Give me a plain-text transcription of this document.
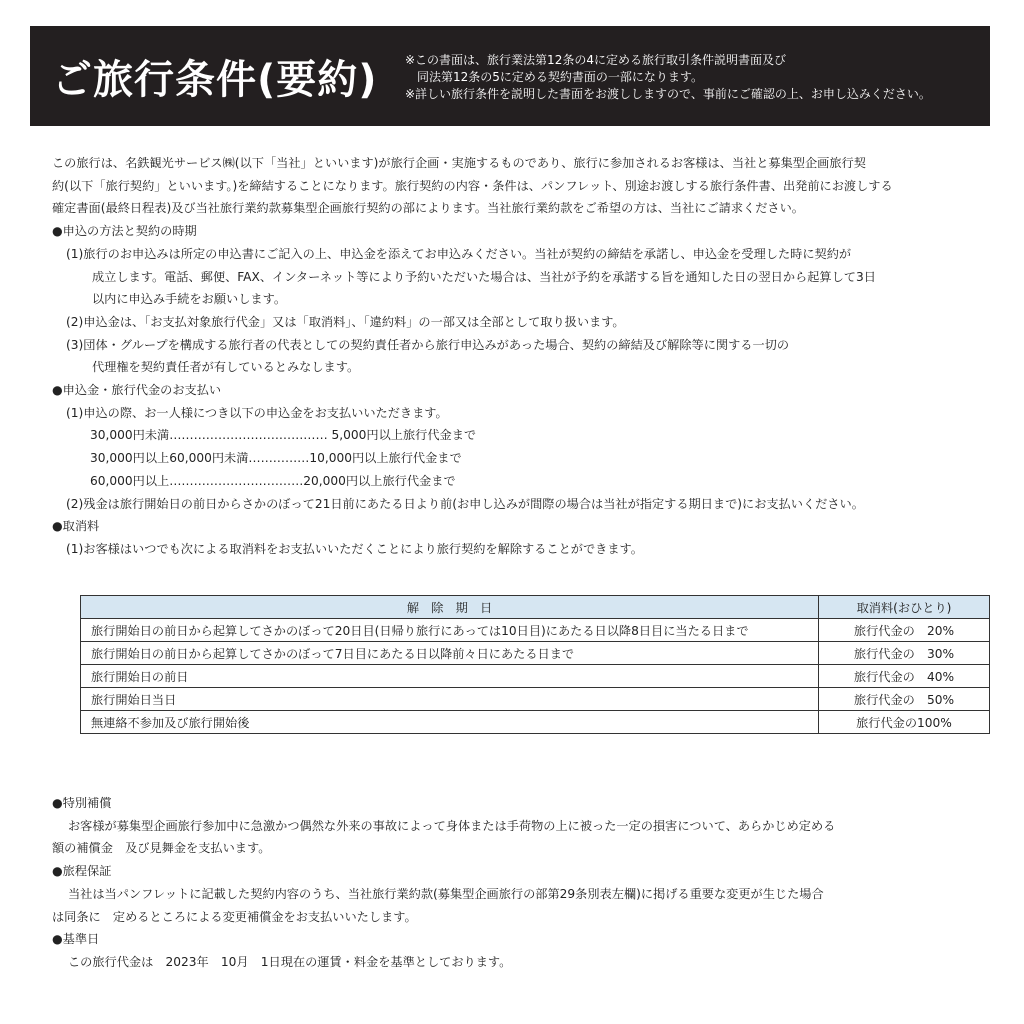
ご旅行条件(要約) ※この書面は、旅行業法第12条の4に定める旅行取引条件説明書面及び
同法第12条の5に定める契約書面の一部になります。
※詳しい旅行条件を説明した書面をお渡ししますので、事前にご確認の上、お申し込みください。
この旅行は、名鉄観光サービス㈱(以下「当社」といいます)が旅行企画・実施するものであり、旅行に参加されるお客様は、当社と募集型企画旅行契
約(以下「旅行契約」といいます。)を締結することになります。旅行契約の内容・条件は、パンフレット、別途お渡しする旅行条件書、出発前にお渡しする
確定書面(最終日程表)及び当社旅行業約款募集型企画旅行契約の部によります。当社旅行業約款をご希望の方は、当社にご請求ください。
●申込の方法と契約の時期
(1)旅行のお申込みは所定の申込書にご記入の上、申込金を添えてお申込みください。当社が契約の締結を承諾し、申込金を受理した時に契約が
成立します。電話、郵便、FAX、インターネット等により予約いただいた場合は、当社が予約を承諾する旨を通知した日の翌日から起算して3日
以内に申込み手続をお願いします。
(2)申込金は、「お支払対象旅行代金」又は「取消料」、「違約料」の一部又は全部として取り扱います。
(3)団体・グループを構成する旅行者の代表としての契約責任者から旅行申込みがあった場合、契約の締結及び解除等に関する一切の
代理権を契約責任者が有しているとみなします。
●申込金・旅行代金のお支払い
(1)申込の際、お一人様につき以下の申込金をお支払いいただきます。
30,000円未満………………………………… 5,000円以上旅行代金まで
30,000円以上60,000円未満……………10,000円以上旅行代金まで
60,000円以上……………………………20,000円以上旅行代金まで
(2)残金は旅行開始日の前日からさかのぼって21日前にあたる日より前(お申し込みが間際の場合は当社が指定する期日まで)にお支払いください。
●取消料
(1)お客様はいつでも次による取消料をお支払いいただくことにより旅行契約を解除することができます。
解　除　期　日	取消料(おひとり)
旅行開始日の前日から起算してさかのぼって20日目(日帰り旅行にあっては10日目)にあたる日以降8日目に当たる日まで	旅行代金の　20%
旅行開始日の前日から起算してさかのぼって7日目にあたる日以降前々日にあたる日まで	旅行代金の　30%
旅行開始日の前日	旅行代金の　40%
旅行開始日当日	旅行代金の　50%
無連絡不参加及び旅行開始後	旅行代金の100%
●特別補償
お客様が募集型企画旅行参加中に急激かつ偶然な外来の事故によって身体または手荷物の上に被った一定の損害について、あらかじめ定める
額の補償金　及び見舞金を支払います。
●旅程保証
当社は当パンフレットに記載した契約内容のうち、当社旅行業約款(募集型企画旅行の部第29条別表左欄)に掲げる重要な変更が生じた場合
は同条に　定めるところによる変更補償金をお支払いいたします。
●基準日
この旅行代金は　2023年　10月　1日現在の運賃・料金を基準としております。
